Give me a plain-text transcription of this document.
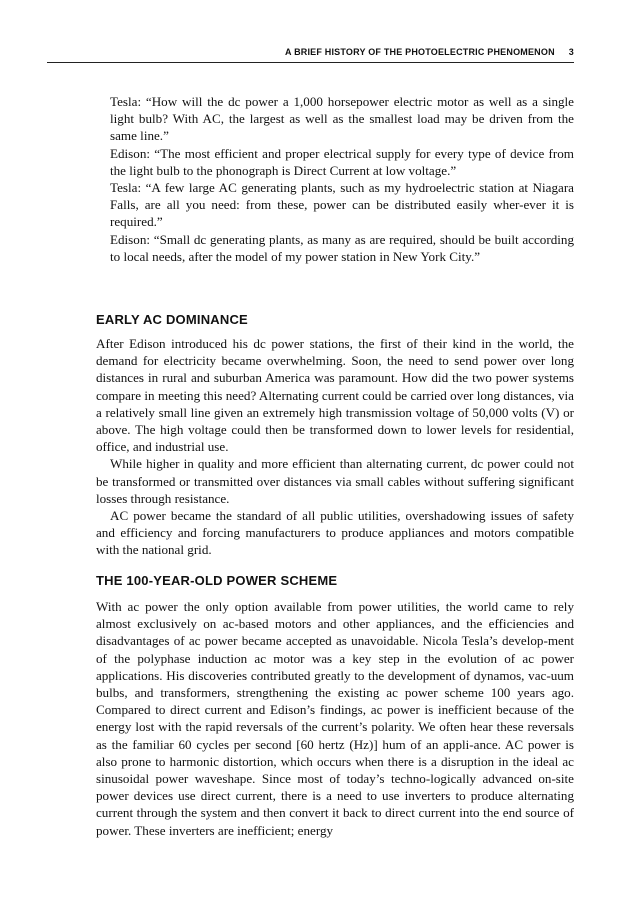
A BRIEF HISTORY OF THE PHOTOELECTRIC PHENOMENON 3

Tesla: “How will the dc power a 1,000 horsepower electric motor as well as a single light bulb? With AC, the largest as well as the smallest load may be driven from the same line.”

Edison: “The most efficient and proper electrical supply for every type of device from the light bulb to the phonograph is Direct Current at low voltage.”

Tesla: “A few large AC generating plants, such as my hydroelectric station at Niagara Falls, are all you need: from these, power can be distributed easily wher-ever it is required.”

Edison: “Small dc generating plants, as many as are required, should be built according to local needs, after the model of my power station in New York City.”

EARLY AC DOMINANCE

After Edison introduced his dc power stations, the first of their kind in the world, the demand for electricity became overwhelming. Soon, the need to send power over long distances in rural and suburban America was paramount. How did the two power systems compare in meeting this need? Alternating current could be carried over long distances, via a relatively small line given an extremely high transmission voltage of 50,000 volts (V) or above. The high voltage could then be transformed down to lower levels for residential, office, and industrial use.

While higher in quality and more efficient than alternating current, dc power could not be transformed or transmitted over distances via small cables without suffering significant losses through resistance.

AC power became the standard of all public utilities, overshadowing issues of safety and efficiency and forcing manufacturers to produce appliances and motors compatible with the national grid.

THE 100-YEAR-OLD POWER SCHEME

With ac power the only option available from power utilities, the world came to rely almost exclusively on ac-based motors and other appliances, and the efficiencies and disadvantages of ac power became accepted as unavoidable. Nicola Tesla’s develop-ment of the polyphase induction ac motor was a key step in the evolution of ac power applications. His discoveries contributed greatly to the development of dynamos, vac-uum bulbs, and transformers, strengthening the existing ac power scheme 100 years ago. Compared to direct current and Edison’s findings, ac power is inefficient because of the energy lost with the rapid reversals of the current’s polarity. We often hear these reversals as the familiar 60 cycles per second [60 hertz (Hz)] hum of an appli-ance. AC power is also prone to harmonic distortion, which occurs when there is a disruption in the ideal ac sinusoidal power waveshape. Since most of today’s techno-logically advanced on-site power devices use direct current, there is a need to use inverters to produce alternating current through the system and then convert it back to direct current into the end source of power. These inverters are inefficient; energy
